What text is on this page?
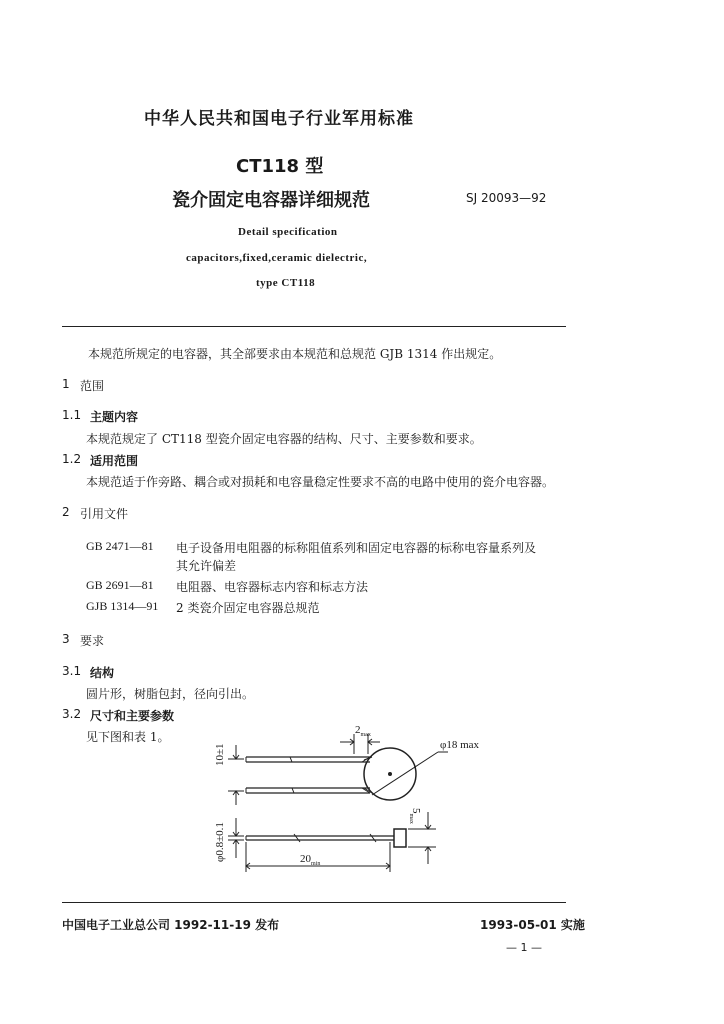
中华人民共和国电子行业军用标准
CT118 型
瓷介固定电容器详细规范	SJ 20093—92
Detail specification
capacitors,fixed,ceramic dielectric,
type CT118
本规范所规定的电容器，其全部要求由本规范和总规范 GJB 1314 作出规定。
1 范围
1.1 主题内容
本规范规定了 CT118 型瓷介固定电容器的结构、尺寸、主要参数和要求。
1.2 适用范围
本规范适于作旁路、耦合或对损耗和电容量稳定性要求不高的电路中使用的瓷介电容器。
2 引用文件
GB 2471—81 电子设备用电阻器的标称阻值系列和固定电容器的标称电容量系列及
其允许偏差
GB 2691—81 电阻器、电容器标志内容和标志方法
GJB 1314—91 2 类瓷介固定电容器总规范
3 要求
3.1 结构
圆片形，树脂包封，径向引出。
3.2 尺寸和主要参数
见下图和表 1。	$2_{max}$
φ18 max
10±1
φ0.8±0.1
$5_{max}$
$20_{min}$
中国电子工业总公司 1992-11-19 发布	1993-05-01 实施
— 1 —
